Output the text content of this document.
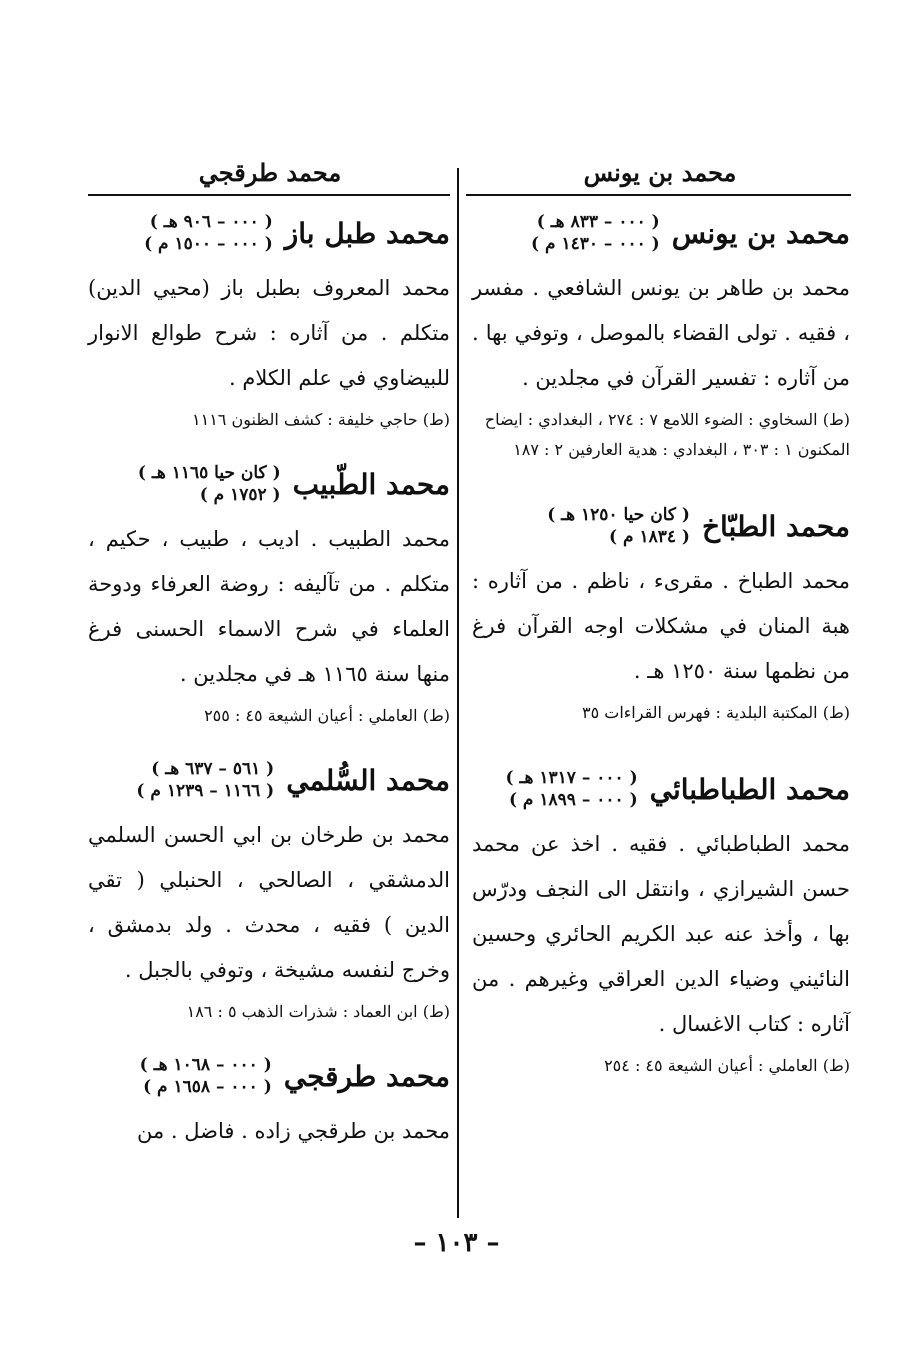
محمد بن يونس
محمد طرقجي
محمد بن يونس
( ٠٠٠ – ٨٣٣ هـ )
( ٠٠٠ – ١٤٣٠ م )
محمد بن طاهر بن يونس الشافعي . مفسر ، فقيه . تولى القضاء بالموصل ، وتوفي بها . من آثاره : تفسير القرآن في مجلدين .
(ط) السخاوي : الضوء اللامع ٧ : ٢٧٤ ، البغدادي : ايضاح المكنون ١ : ٣٠٣ ، البغدادي : هدية العارفين ٢ : ١٨٧
محمد الطبّاخ
( كان حيا ١٢٥٠ هـ )
( ١٨٣٤ م )
محمد الطباخ . مقرىء ، ناظم . من آثاره : هبة المنان في مشكلات اوجه القرآن فرغ من نظمها سنة ١٢٥٠ هـ .
(ط) المكتبة البلدية : فهرس القراءات ٣٥
محمد الطباطبائي
( ٠٠٠ – ١٣١٧ هـ )
( ٠٠٠ – ١٨٩٩ م )
محمد الطباطبائي . فقيه . اخذ عن محمد حسن الشيرازي ، وانتقل الى النجف ودرّس بها ، وأخذ عنه عبد الكريم الحائري وحسين النائيني وضياء الدين العراقي وغيرهم . من آثاره : كتاب الاغسال .
(ط) العاملي : أعيان الشيعة ٤٥ : ٢٥٤
محمد طبل باز
( ٠٠٠ – ٩٠٦ هـ )
( ٠٠٠ – ١٥٠٠ م )
محمد المعروف بطبل باز (محيي الدين) متكلم . من آثاره : شرح طوالع الانوار للبيضاوي في علم الكلام .
(ط) حاجي خليفة : كشف الظنون ١١١٦
محمد الطّبيب
( كان حيا ١١٦٥ هـ )
( ١٧٥٢ م )
محمد الطبيب . اديب ، طبيب ، حكيم ، متكلم . من تآليفه : روضة العرفاء ودوحة العلماء في شرح الاسماء الحسنى فرغ منها سنة ١١٦٥ هـ في مجلدين .
(ط) العاملي : أعيان الشيعة ٤٥ : ٢٥٥
محمد السُّلمي
( ٥٦١ – ٦٣٧ هـ )
( ١١٦٦ – ١٢٣٩ م )
محمد بن طرخان بن ابي الحسن السلمي الدمشقي ، الصالحي ، الحنبلي ( تقي الدين ) فقيه ، محدث . ولد بدمشق ، وخرج لنفسه مشيخة ، وتوفي بالجبل .
(ط) ابن العماد : شذرات الذهب ٥ : ١٨٦
محمد طرقجي
( ٠٠٠ – ١٠٦٨ هـ )
( ٠٠٠ – ١٦٥٨ م )
محمد بن طرقجي زاده . فاضل . من
– ١٠٣ –
